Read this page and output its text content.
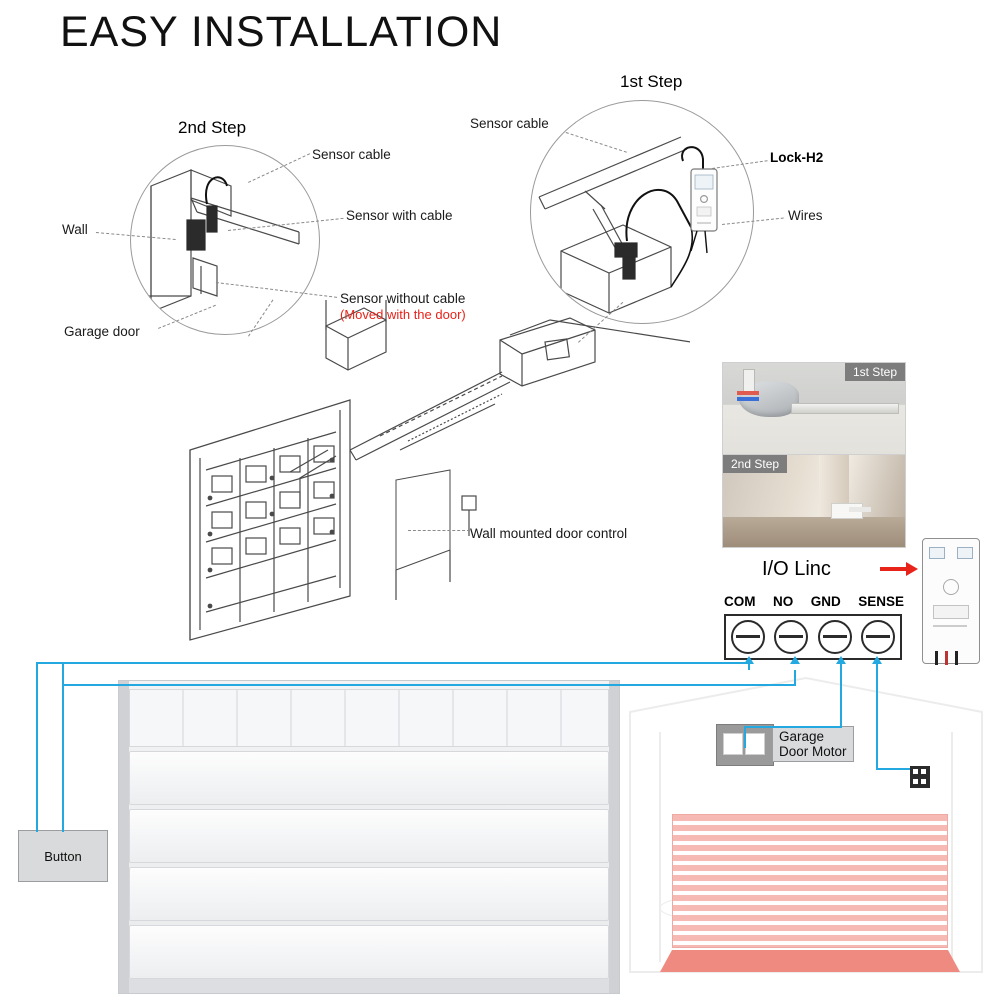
EASY INSTALLATION
Wall mounted door control
2nd Step
Sensor cable
Sensor with cable
Sensor without cable
(Moved with the door)
Wall
Garage door
1st Step
Sensor cable
Lock-H2
Wires
1st Step
2nd Step
I/O Linc
COM NO GND SENSE
Garage
Door Motor
Button
